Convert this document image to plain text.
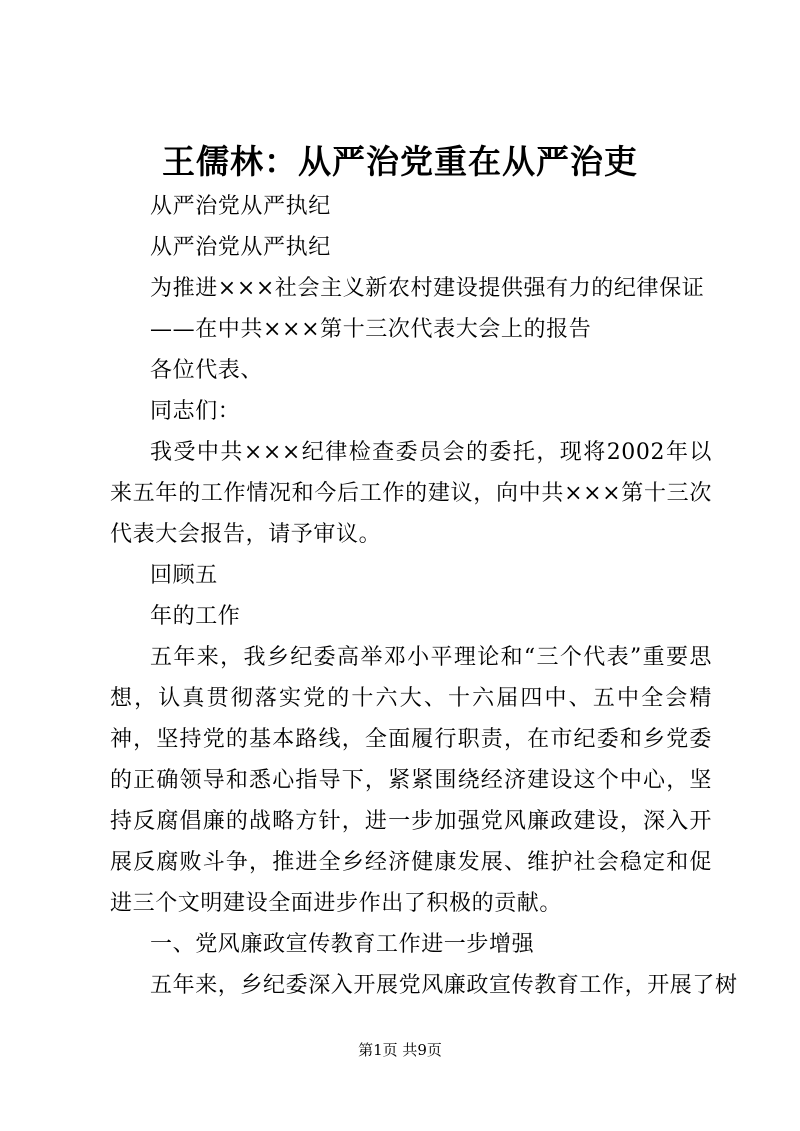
王儒林：从严治党重在从严治吏

从严治党从严执纪

从严治党从严执纪

为推进×××社会主义新农村建设提供强有力的纪律保证

——在中共×××第十三次代表大会上的报告

各位代表、

同志们：

我受中共×××纪律检查委员会的委托，现将2002年以来五年的工作情况和今后工作的建议，向中共×××第十三次代表大会报告，请予审议。

回顾五

年的工作

五年来，我乡纪委高举邓小平理论和“三个代表”重要思想，认真贯彻落实党的十六大、十六届四中、五中全会精神，坚持党的基本路线，全面履行职责，在市纪委和乡党委的正确领导和悉心指导下，紧紧围绕经济建设这个中心，坚持反腐倡廉的战略方针，进一步加强党风廉政建设，深入开展反腐败斗争，推进全乡经济健康发展、维护社会稳定和促进三个文明建设全面进步作出了积极的贡献。

一、党风廉政宣传教育工作进一步增强

五年来，乡纪委深入开展党风廉政宣传教育工作，开展了树

第1页 共9页
